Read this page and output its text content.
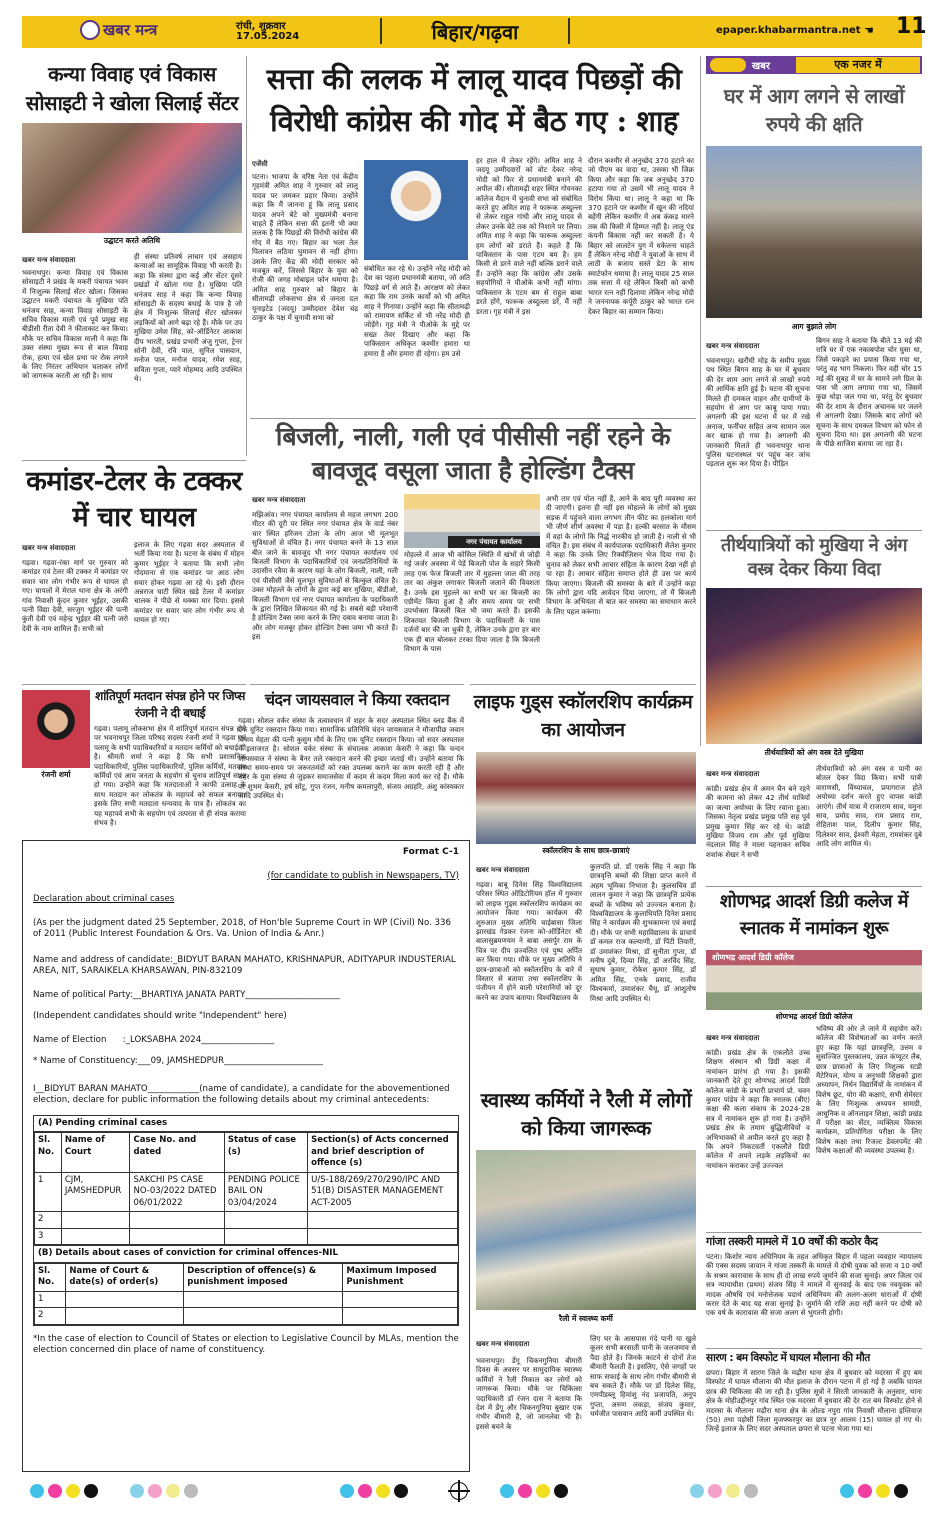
खबर मन्त्र	रांची, शुक्रवार
17.05.2024	बिहार/गढ़वा	epaper.khabarmantra.net ☚ 11
कन्या विवाह एवं विकास सोसाइटी ने खोला सिलाई सेंटर
उद्घाटन करते अतिथि
खबर मन्त्र संवाददाता
भवनाथपुर। कन्या विवाह एवं विकास सोसाइटी ने प्रखंड के मकरी पंचायत भवन में निःशुल्क सिलाई सेंटर खोला। जिसका उद्घाटन मकरी पंचायत के मुखिया पति धनंजय साह, कन्या विवाह सोसाइटी के सचिव विकास माली एवं पूर्व प्रमुख सह बीडीसी रीता देवी ने फीताकाट कर किया। मौके पर सचिव विकास माली ने कहा कि उक्त संस्था मुख्य रूप से बाल विवाह रोक, हत्या एवं खेल प्रथा पर रोक लगाने के लिए निरंतर अभियान चलाकर लोगों को जागरूक करती आ रही है। साथ
ही संस्था प्रतिवर्ष लाचार एवं असहाय कन्याओं का सामूहिक विवाह भी करती है। कहा कि संस्था द्वारा कई और सेंटर दूसरे प्रखंडों में खोला गया है। मुखिया पति धनंजय साह ने कहा कि कन्या विवाह सोसाइटी के सदस्य बधाई के पात्र है जो क्षेत्र में निःशुल्क सिलाई सेंटर खोलकर लड़कियों को आगे बढ़ा रहे हैं। मौके पर उप मुखिया उमेश सिंह, को-ऑर्डिनेटर आकाश दीप भारती, प्रखंड प्रभारी अंजु गुप्ता, ट्रेनर सोनी देवी, रवि पाल, सुनिल पासवान, मनोज पाल, मनोज यादव, रमेश साह, सविता गुप्ता, प्यारे मोहम्मद आदि उपस्थित थे।
सत्ता की ललक में लालू यादव पिछड़ों की विरोधी कांग्रेस की गोद में बैठ गए : शाह
एजेंसी
पटना। भाजपा के वरिष्ठ नेता एवं केंद्रीय गृहमंत्री अमित शाह ने गुरुवार को लालू यादव पर जमकर प्रहार किया। उन्होंने कहा कि मैं जानना हूं कि लालू प्रसाद यादव अपने बेटे को मुख्यमंत्री बनाना चाहते हैं लेकिन सत्ता की इतनी भी क्या ललक है कि पिछड़ों की विरोधी कांग्रेस की गोद में बैठ गए। बिहार का भला तेल पिलावन लठिया घुमावन से नहीं होगा। उसके लिए केंद्र की मोदी सरकार को मजबूत करें, जिससे बिहार के युवा को रोजी की जगह मोबाइल फोन थमाया है। अमित शाह गुरुवार को बिहार के सीतामढ़ी लोकसभा क्षेत्र से जनता दल यूनाइटेड (जदयू) उम्मीदवार देवेश चंद्र ठाकुर के पक्ष में चुनावी सभा को
संबोधित कर रहे थे। उन्होंने नरेंद्र मोदी को देश का पहला प्रधानमंत्री बताया, जो अति पिछड़े वर्ग से आते हैं। आरक्षण को लेकर कहा कि राम उनके कार्यों को भी अमित शाह ने गिनाया। उन्होंने कहा कि सीतामढ़ी को रामायण सर्किट से भी नरेंद्र मोदी ही जोड़ेंगे। गृह मंत्री ने पीओके के मुद्दे पर सख्त तेवर दिखाए और कहा कि पाकिस्तान अधिकृत कश्मीर हमारा था हमारा है और हमारा ही रहेगा। हम उसे
हर हाल में लेकर रहेंगे। अमित शाह ने जदयू उम्मीदवारों को वोट देकर नरेन्द्र मोदी को फिर से प्रधानमंत्री बनाने की अपील की। सीतामढ़ी शहर स्थित गोयनका कॉलेज मैदान में चुनावी सभा को संबोधित करते हुए अमित शाह ने फारूक अब्दुल्ला से लेकर राहुल गांधी और लालू यादव से लेकर उनके बेटे तक को निशाने पर लिया। अमित शाह ने कहा कि फारूक अब्दुल्ला हम लोगों को डराते हैं। कहते हैं कि पाकिस्तान के पास एटम बम है। हम किसी से डरने वाले नहीं बल्कि डराने वाले हैं। उन्होंने कहा कि कांग्रेस और उसके सहयोगियों ने पीओके कभी नहीं मांगा। पाकिस्तान के एटम बम से राहुल बाबा डरते होंगे, फारूक अब्दुल्ला डरें, मैं नहीं डरता। गृह मंत्री ने इस
दौरान कश्मीर से अनुच्छेद 370 हटाने का जो पीएम का वादा था, उसका भी जिक्र किया और कहा कि जब अनुच्छेद 370 हटाया गया तो उसमें भी लालू यादव ने विरोध किया था। लालू ने कहा था कि 370 हटाने पर कश्मीर में खून की नदियां बहेंगी लेकिन कश्मीर में अब कंकड़ मारने तक की किसी में हिम्मत नहीं है। लालू एंड कंपनी बिकास नहीं कर सकती है। ये बिहार को लालटेन युग में धकेलना चाहते हैं लेकिन नरेन्द्र मोदी ने युवाओं के साथ में लाठी के बजाय सस्ते डेटा के साथ स्मार्टफोन थमाया है। लालू यादव 25 साल तक सत्ता में रहे लेकिन किसी को कभी भारत रत्न नहीं दिलाया लेकिन नरेन्द्र मोदी ने जननायक कर्पूरी ठाकुर को भारत रत्न देकर बिहार का सम्मान किया।
खबर	एक नजर में
घर में आग लगने से लाखों रुपये की क्षति
आग बुझाते लोग
खबर मन्त्र संवाददाता
भवनाथपुर। खरौंधी मोड़ के समीप मुख्य पथ स्थित बिगन साह के घर में बुधवार की देर शाम आग लगने से लाखों रुपये की आर्थिक क्षति हुई है। घटना की सूचना मिलते ही दमकल वाहन और ग्रामीणों के सहयोग से आग पर काबू पाया गया। अगलगी की इस घटना में घर में रखे अनाज, फर्नीचर सहित अन्य सामान जल कर खाक हो गया है। अगलगी की जानकारी मिलते ही भवनाथपुर थाना पुलिस घटनास्थल पर पहुंच कर जांच पड़ताल शुरू कर दिया है। पीड़ित
बिगन साह ने बताया कि बीते 13 मई की रात्रि घर में एक नकाबपोश चोर घुसा था, जिसे पकड़ने का प्रयास किया गया था, परंतु वह भाग निकला। फिर वही चोर 15 मई की सुबह में घर के सामने लगे ग्रिल के पास भी आग लगाया गया था, जिसमें कुछ थोड़ा जल गया था, परंतु देर बुधवार की देर शाम के दौरान अचानक घर जलने से अगलगी देखा। जिसके बाद लोगों को सूचना के साथ दमकल विभाग को फोन से सूचना दिया था। इस अगलगी की घटना के पीछे साजिश बताया जा रहा है।
कमांडर-टेलर के टक्कर में चार घायल
खबर मन्त्र संवाददाता
गढ़वा। गढ़वा-रंका मार्ग पर गुरुवार को कमांडर एवं टेलर की टक्कर में कमांडर पर सवार चार लोग गंभीर रूप से घायल हो गए। घायलों में मेराल थाना क्षेत्र के अरंगी गांव निवासी कुंदन कुमार भूईहर, उसकी पत्नी विद्या देवी, सरजुग भूईहर की पत्नी कुंती देवी एवं महेन्द्र भूईहर की पत्नी जरो देवी के नाम शामिल हैं। सभी को
इलाज के लिए गढ़वा सदर अस्पताल में भर्ती किया गया है। घटना के संबंध में मोहन कुमार भूईहर ने बताया कि सभी लोग गोदमाना से एक कमांडर पर आठ लोग सवार होकर गढ़वा आ रहे थे। इसी दौरान अन्नराज घाटी स्थित खड़े टेलर में कमांडर चालक ने पीछे से धक्का मार दिया। इससे कमांडर पर सवार चार लोग गंभीर रूप से घायल हो गए।
बिजली, नाली, गली एवं पीसीसी नहीं रहने के बावजूद वसूला जाता है होल्डिंग टैक्स
खबर मन्त्र संवाददाता
मझिआंव। नगर पंचायत कार्यालय से महज लगभग 200 मीटर की दूरी पर स्थित नगर पंचायत क्षेत्र के वार्ड नंबर चार स्थित हरिजन टोला के लोग आज भी मूलभूत सुविधाओं से वंचित है। नगर पंचायत बनने के 13 साल बीत जाने के बावजूद भी नगर पंचायत कार्यालय एवं बिजली विभाग के पदाधिकारियों एवं जनप्रतिनिधियों के उदासीन रवैया के कारण यहां के लोग बिजली, नाली, गली एवं पीसीसी जैसे मूलभूत सुविधाओं से बिल्कुल वंचित है। उक्त मोहल्ले के लोगों के द्वारा कई बार मुखिया, बीडीओ, बिजली विभाग एवं नगर पंचायत कार्यालय के पदाधिकारी के द्वारा लिखित शिकायत की गई है। सबसे बड़ी परेशानी है होल्डिंग टैक्स जमा करने के लिए दबाव बनाया जाता है। और लोग मजबूर होकर होल्डिंग टैक्स जमा भी करते हैं। इस
नगर पंचायत कार्यालय
मोहल्ले में आज भी कोसिल स्थिति में खंभों से जोड़ी गई जर्जर अवस्था में पेड़ें बिजली पोल के सहारे किसी तरह एक फेज बिजली तार में मुहल्ला जाल की तरह तार का अंकुश लगाकर बिजली जलाने की विवशता है। उनके इस मुहल्ले का सभी घर का बिजली का एग्रीमेंट किया हुआ है और समय समय पर सभी उपभोक्ता बिजली बिल भी जमा करते हैं। इसकी शिकायत बिजली विभाग के पदाधिकारी के पास दर्जनों बार की जा चुकी है, लेकिन उनके द्वारा हर बार एक ही बात बोलकर टरका दिया जाता है कि बिजली विभाग के पास
अभी तार एवं पोल नहीं है, आने के बाद पूरी व्यवस्था कर दी जाएगी। इतना ही नहीं इस मोहल्ले के लोगों को मुख्य सड़क में पहुंचने वाला लगभग तीन फीट का हलकोला मार्ग भी जीर्ण शीर्ण अवस्था में पड़ा है। हल्की बरसात के मौसम में वहां के लोगों कि निर्द्ध नारकीय हो जाती है। नाली से भी वंचित है। इस संबंध में कार्यपालक पदाधिकारी शैलेश कुमार ने कहा कि उनके लिए रिक्वीज़िशन भेज दिया गया है। चुनाव को लेकर सभी आचार संहिता के कारण देखा नहीं हो पा रहा है। आचार संहिता समाप्त होते ही उस पर कार्य किया जाएगा। बिजली की समस्या के बारे में उन्होंने कहा कि लोगों द्वारा यदि आवेदन दिया जाएगा, तो मैं बिजली विभाग के अभियंता से बात कर समस्या का समाधान करने के लिए पहल करूंगा।
तीर्थयात्रियों को मुखिया ने अंग वस्त्र देकर किया विदा
तीर्थयात्रियों को अंग वस्त्र देते मुखिया
खबर मन्त्र संवाददाता
कांडी। प्रखंड क्षेत्र में अमन चैन बने रहने की कामना को लेकर 42 तीर्थ यात्रियों का जत्था अयोध्या के लिए रवाना हुआ। जिसका नेतृत्व प्रखंड प्रमुख पति सह पूर्व प्रमुख कुमार सिंह कर रहे थे। कांडी मुखिया विजय राम और पूर्व मुखिया नंदलाल सिंह ने माला पहनाकर सचिव शशांक शेखर ने सभी
तीर्थयात्रियों को अंग वस्त्र व पानी का बोतल देकर विदा किया। सभी यात्री वाराणसी, विंध्याचल, प्रयागराज होते अयोध्या दर्शन करते हुए वापस कांडी आएंगे। तीर्थ यात्रा में राजाराम साव, यमुना साव, प्रमोद साव, राम प्रसाद राम, रोहिताश पाल, दिलीप कुमार सिंह, दिलेश्वर साव, ईश्वरी मेहता, रामशंकर दुबे आदि लोग शामिल थे।
रंजनी शर्मा
शांतिपूर्ण मतदान संपन्न होने पर जिप्स रंजनी ने दी बधाई
गढ़वा। पलामू लोकसभा क्षेत्र में शांतिपूर्ण मतदान संपन्न होने पर भवनाथपुर जिला परिषद सदस्य रंजनी शर्मा ने गढ़वा एवं पलामू के सभी पदाधिकारियों व मतदान कर्मियों को बधाई दी है। श्रीमती शर्मा ने कहा है कि सभी प्रशासनिक पदाधिकारियों, पुलिस पदाधिकारियों, पुलिस कर्मियों, मतदान कर्मियों एवं आम जनता के सहयोग से चुनाव शांतिपूर्ण संपन्न हो गया। उन्होंने कहा कि मतदाताओं ने काफी उत्साह के साथ मतदान कर लोकतंत्र के महापर्व को सफल बनाया। इसके लिए सभी मतदाता धन्यवाद के पात्र हैं। लोकतंत्र का यह महापर्व सभी के सहयोग एवं तत्परता से ही संपन्न कराया संभव है।
चंदन जायसवाल ने किया रक्तदान
गढ़वा। सोशल वर्कर संस्था के तत्वावधान में शहर के सदर अस्पताल स्थित ब्लड बैंक में एक यूनिट रक्तदान किया गया। सामाजिक प्रतिनिधि चंदन जायसवाल ने मौजापीछ जवान विजय मेहता की पत्नी कुसुम मौर्य के लिए एक यूनिट रक्तदान किया। जो सदर अस्पताल में इलाजरत है। सोशल वर्कर संस्था के संचालक आकाश केसरी ने कहा कि चन्दन जायसवाल ने संस्था के बैनर तले रक्तदान करने की इच्छा जताई थी। उन्होंने बताया कि संस्था समय-समय पर जरूरतमंदों को रक्त उपलब्ध कराने का काम करती रही है और शहर के युवा संस्था से जुड़कर समाजसेवा में कदम से कदम मिला कार्य कर रहे हैं। मौके पर शुभम केसरी, हर्ष सोंटू, गुप्त रंजन, मनीष कमलापुरी, संजय अग्रहरि, अंशु कांस्यकार आदि उपस्थित थे।
लाइफ गुड्स स्कॉलरशिप कार्यक्रम का आयोजन
स्कॉलरशिप के साथ छात्र-छात्राएं
खबर मन्त्र संवाददाता
गढ़वा। बाबू दिनेश सिंह विश्वविद्यालय परिसर स्थित ऑडिटोरियम हॉल में गुरुवार को लाइफ गुड्स स्कॉलरशिप कार्यक्रम का आयोजन किया गया। कार्यक्रम की शुरुआत मुख्य अतिथि चाईबासा जिला झारखंड गेडकर रंजना को-ऑर्डिनेटर श्री बालासुब्रमणयम ने बाबा असर्पुर राम के चित्र पर दीप प्रज्वलित एवं पुष्प अर्पित कर किया गया। मौके पर मुख्य अतिथि ने छात्र-छात्राओं को स्कॉलरशिप के बारे में विस्तार से बताया तथा स्कॉलरशिप के पंजीयन में होने वाली परेशानियों को दूर करने का उपाय बताया। विश्वविद्यालय के
कुलपति प्रो. डॉ एसके सिंह ने कहा कि छात्रवृत्ति बच्चों की शिक्षा प्राप्त करने में अहम भूमिका निभाता है। कुलसचिव डॉ लालन कुमार ने कहा कि छात्रवृत्ति प्रत्येक बच्चों के भविष्य को उज्ज्वल बनाता है। विश्वविद्यालय के कुलाधिपति दिनेश प्रसाद सिंह ने कार्यक्रम की शुभकामना एवं बधाई दी। मौके पर सभी महाविद्यालय के प्राचार्य डॉ कमल राज कल्याणी, डॉ पिंटी तिवारी, डॉ उमाशंकर मिश्रा, डॉ सुनीता गुप्ता, डॉ मनीष दुबे, दिव्या सिंह, डॉ अरविंद सिंह, सुधाष कुमार, रोकेश कुमार सिंह, डॉ अमित सिंह, एनके प्रसाद, राजीव विश्वकर्मा, उमाशंकर चैधू, डॉ आशुतोष मिश्रा आदि उपस्थित थे।
स्वास्थ्य कर्मियों ने रैली में लोगों को किया जागरूक
रैली में स्वास्थ्य कर्मी
खबर मन्त्र संवाददाता
भवनाथपुर। डेंगू चिकनगुनिया बीमारी दिवस के अवसर पर सामुदायिक स्वास्थ्य कर्मियों ने रैली निकाल कर लोगों को जागरूक किया। मौके पर चिकित्सा पदाधिकारी डॉ रंजन दास ने बताया कि देश में डेंगू और चिकनगुनिया बुखार एक गंभीर बीमारी है, जो जानलेवा भी है। इससे बचने के
लिए घर के आसपास गंदे पानी या खुले कूलर सभी बरसाती पानी के जलजमाव से पैदा होते है। जिनके काटने से दोनों तेज बीमारी फैलती है। इसलिए, ऐसे जगहों पर साफ सफाई के साथ लोग गंभीर बीमारी से बच सकते हैं। मौके पर डॉ दिलेश सिंह, एमपीडब्लू हिमांशु नंद प्रजापति, अनूप गुप्ता, अरुण लकड़ा, संजय कुमार, धर्मजीत पासवान आदि कर्मी उपस्थित थे।
शोणभद्र आदर्श डिग्री कलेज में स्नातक में नामांकन शुरू
शोणभद्र आदर्श डिग्री कॉलेज
शोणभद्र आदर्श डिग्री कॉलेज
खबर मन्त्र संवाददाता
कांडी। प्रखंड क्षेत्र के एकलौते उच्च शिक्षण संस्थान श्री डिग्री कक्षा में नामांकन प्रारंभ हो गया है। इसकी जानकारी देते हुए शोणभद्र आदर्श डिग्री कॉलेज कांडी के प्रभारी प्राचार्य प्रो. चवन कुमार पांडेय ने कहा कि स्नातक (बीए) कक्षा की कला संकाय के 2024-28 सत्र में नामांकन शुरू हो गया है। उन्होंने प्रखंड क्षेत्र के तमाम बुद्धिजीवियों व अभिभावकों से अपील करते हुए कहा है कि अपने निकटवर्ती एकलौते डिग्री कॉलेज में अपने लड़के लड़कियों का नामांकन कराकर उन्हें उज्ज्वल
भविष्य की ओर ले जाने में सहयोग करें। कॉलेज की विशेषताओं का वर्णन करते हुए कहा कि यहां छात्रवृत्ति, उत्तम व सुसज्जित पुस्तकालय, उन्नत कंप्यूटर लैब, छात्र छात्राओं के लिए निशुल्क स्टडी मैटेरियल, योग्य व अनुभवी शिक्षकों द्वारा अध्यापन, निर्धन विद्यार्थियों के नामांकन में विशेष छूट, योग की कक्षाएं, सभी सेमेस्टर के लिए निःशुल्क अध्ययन सामग्री, आधुनिक व ऑनलाइन शिक्षा, कांडी प्रखंड में परीक्षा का सेंटर, व्यक्तित्व विकास कार्यक्रम, प्रतियोगिता परीक्षा के लिए विशेष कक्षा तथा रिजल्ट डेवलपमेंट की विशेष कक्षाओं की व्यवस्था उपलब्ध है।
गांजा तस्करी मामले में 10 वर्षों की कठोर कैद
पटना। किशोर न्याय अधिनियम के तहत अधिकृत बिहार में पहला व्यवहार न्यायालय की एक्स सदस्य जावान ने गांजा तस्करी के मामले में दोषी युवक को सजा व 10 वर्षों के सश्रम कारावास के साथ ही दो लाख रुपये जुर्माने की सजा सुनाई। अपर जिला एवं सत्र न्यायाधीश (प्रथम) संजय सिंह ने मामले में सुनवाई के बाद एक नवयुवक को मादक औषधि एवं मनोत्तेजक पदार्थ अधिनियम की अलग-अलग धाराओं में दोषी करार देते के बाद यह सजा सुनाई है। जुर्माने की राशि अदा नहीं करने पर दोषी को एक वर्ष के कारावास की सजा अलग से भुगतनी होगी।
सारण : बम विस्फोट में घायल मौलाना की मौत
छपरा। बिहार में सारण जिले के मढ़ौरा थाना क्षेत्र में बुधवार को मदरसा में हुए बम विस्फोट में घायल मौलाना की मौत इलाज के दौरान पटना में हो गई है जबकि घायल छात्र की चिकित्सा की जा रही है। पुलिस सूत्रों ने सिरती जानकारी के अनुसार, थाना क्षेत्र के मोहीउद्दीनपुर गांव स्थित एक मदरसा में बुधवार की देर रात बम विस्फोट होने से मदरसा के मौलाना मढ़ौरा थाना क्षेत्र के ओल्ड नपुरा गांव निवासी मौलाना इम्तियाज़ (50) तथा पड़ोसी जिला मुजफ्फरपुर का छात्र नूर आलम (15) घायल हो गए थे। जिन्हें इलाज के लिए सदर अस्पताल छपरा से पटना भेजा गया था।
Format C-1
(for candidate to publish in Newspapers, TV)
Declaration about criminal cases
(As per the judgment dated 25 September, 2018, of Hon'ble Supreme Court in WP (Civil) No. 336 of 2011 (Public Interest Foundation & Ors. Va. Union of India & Anr.)
Name and address of candidate:_BIDYUT BARAN MAHATO, KRISHNAPUR, ADITYAPUR INDUSTERIAL AREA, NIT, SARAIKELA KHARSAWAN, PIN-832109
Name of political Party:__BHARTIYA JANATA PARTY______________________
(Independent candidates should write "Independent" here)
Name of Election      :_LOKSABHA 2024_________________
* Name of Constituency:___09, JAMSHEDPUR_______________________
I__BIDYUT BARAN MAHATO____________(name of candidate), a candidate for the abovementioned election, declare for public information the following details about my criminal antecedents:
(A) Pending criminal cases
Sl. No.	Name of Court	Case No. and dated	Status of case (s)	Section(s) of Acts concerned and brief description of offence (s)
1	CJM, JAMSHEDPUR	SAKCHI PS CASE NO-03/2022 DATED 06/01/2022	PENDING POLICE BAIL ON 03/04/2024	U/S-188/269/270/290/IPC AND 51(B) DISASTER MANAGEMENT ACT-2005
2				
3				
(B) Details about cases of conviction for criminal offences-NIL
Sl. No.	Name of Court & date(s) of order(s)	Description of offence(s) & punishment imposed	Maximum Imposed Punishment
1			
2			
*In the case of election to Council of States or election to Legislative Council by MLAs, mention the election concerned din place of name of constituency.
